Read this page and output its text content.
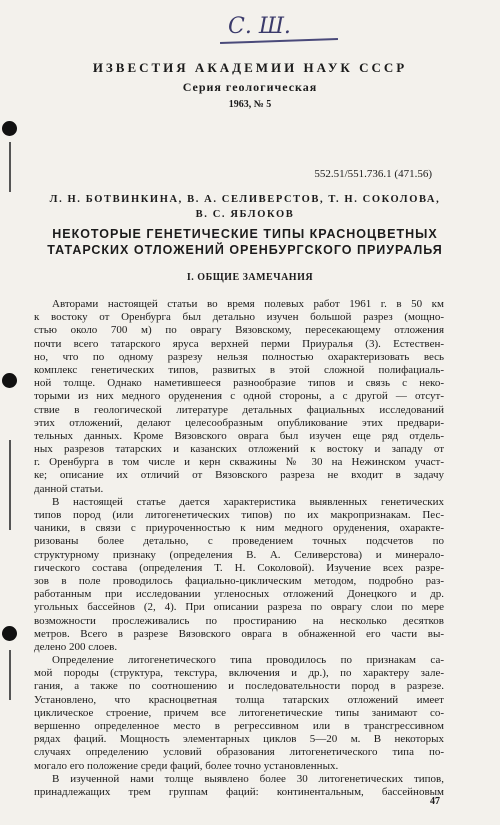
С. Ш.
ИЗВЕСТИЯ АКАДЕМИИ НАУК СССР
Серия геологическая
1963, № 5
552.51/551.736.1 (471.56)
Л. Н. БОТВИНКИНА, В. А. СЕЛИВЕРСТОВ, Т. Н. СОКОЛОВА,
В. С. ЯБЛОКОВ
НЕКОТОРЫЕ ГЕНЕТИЧЕСКИЕ ТИПЫ КРАСНОЦВЕТНЫХ
ТАТАРСКИХ ОТЛОЖЕНИЙ ОРЕНБУРГСКОГО ПРИУРАЛЬЯ
I. ОБЩИЕ ЗАМЕЧАНИЯ
Авторами настоящей статьи во время полевых работ 1961 г. в 50 км
к востоку от Оренбурга был детально изучен большой разрез (мощно-
стью около 700 м) по оврагу Вязовскому, пересекающему отложения
почти всего татарского яруса верхней перми Приуралья (3). Естествен-
но, что по одному разрезу нельзя полностью охарактеризовать весь
комплекс генетических типов, развитых в этой сложной полифациаль-
ной толще. Однако наметившееся разнообразие типов и связь с неко-
торыми из них медного оруденения с одной стороны, а с другой — отсут-
ствие в геологической литературе детальных фациальных исследований
этих отложений, делают целесообразным опубликование этих предвари-
тельных данных. Кроме Вязовского оврага был изучен еще ряд отдель-
ных разрезов татарских и казанских отложений к востоку и западу от
г. Оренбурга в том числе и керн скважины № 30 на Нежинском участ-
ке; описание их отличий от Вязовского разреза не входит в задачу
данной статьи.
В настоящей статье дается характеристика выявленных генетических
типов пород (или литогенетических типов) по их макропризнакам. Пес-
чаники, в связи с приуроченностью к ним медного оруденения, охаракте-
ризованы более детально, с проведением точных подсчетов по
структурному признаку (определения В. А. Селиверстова) и минерало-
гического состава (определения Т. Н. Соколовой). Изучение всех разре-
зов в поле проводилось фациально-циклическим методом, подробно раз-
работанным при исследовании угленосных отложений Донецкого и др.
угольных бассейнов (2, 4). При описании разреза по оврагу слои по мере
возможности прослеживались по простиранию на несколько десятков
метров. Всего в разрезе Вязовского оврага в обнаженной его части вы-
делено 200 слоев.
Определение литогенетического типа проводилось по признакам са-
мой породы (структура, текстура, включения и др.), по характеру зале-
гания, а также по соотношению и последовательности пород в разрезе.
Установлено, что красноцветная толща татарских отложений имеет
циклическое строение, причем все литогенетические типы занимают со-
вершенно определенное место в регрессивном или в трансгрессивном
рядах фаций. Мощность элементарных циклов 5—20 м. В некоторых
случаях определению условий образования литогенетического типа по-
могало его положение среди фаций, более точно установленных.
В изученной нами толще выявлено более 30 литогенетических типов,
принадлежащих трем группам фаций: континентальным, бассейновым
47
